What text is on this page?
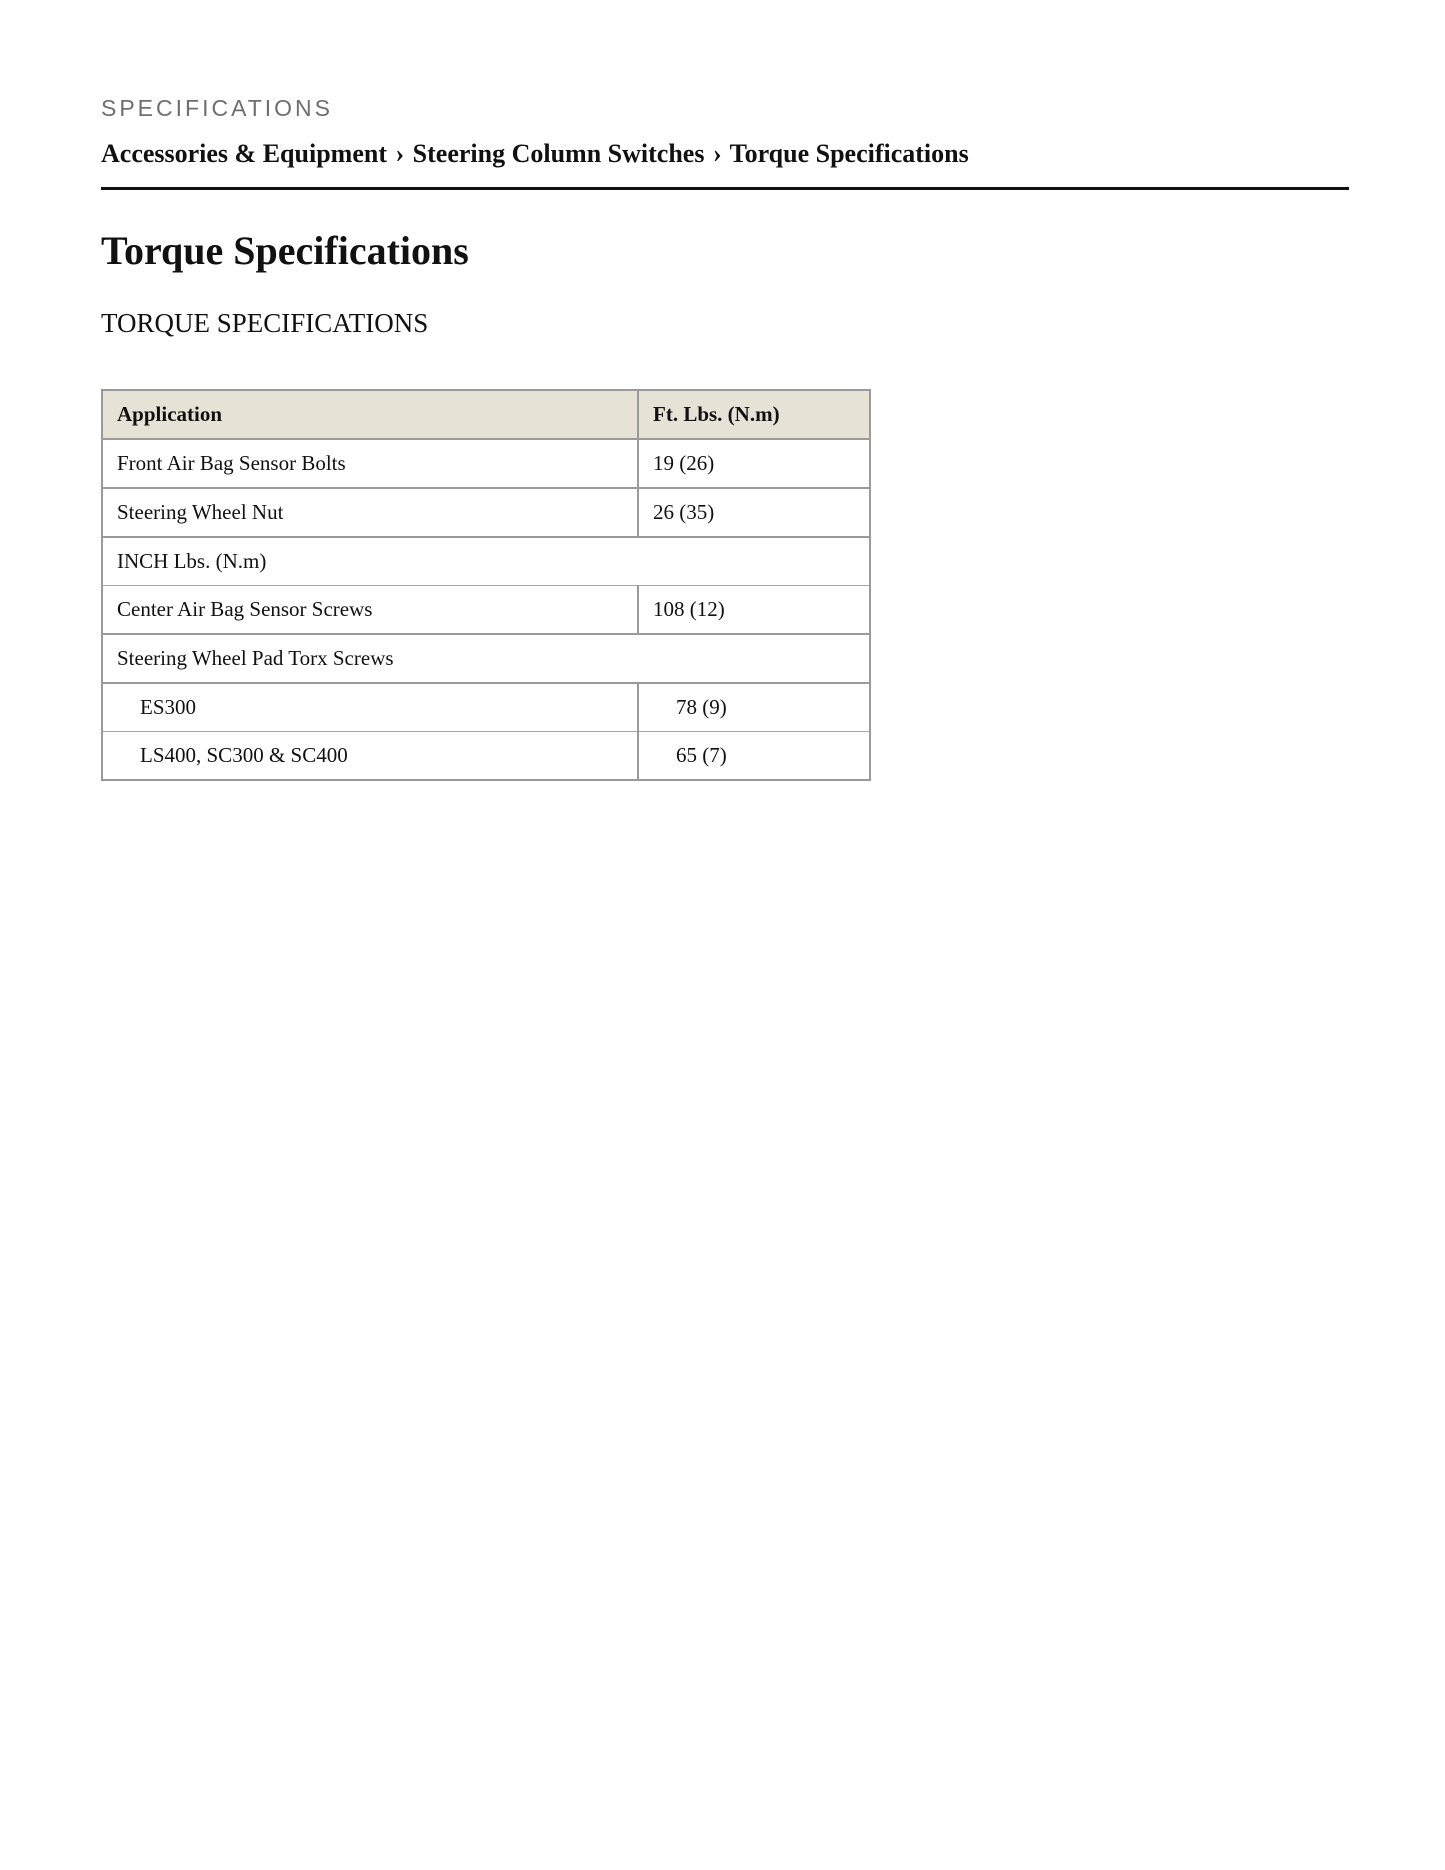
SPECIFICATIONS
Accessories & Equipment › Steering Column Switches › Torque Specifications
Torque Specifications
TORQUE SPECIFICATIONS
Application	Ft. Lbs. (N.m)
Front Air Bag Sensor Bolts	19 (26)
Steering Wheel Nut	26 (35)
INCH Lbs. (N.m)	
Center Air Bag Sensor Screws	108 (12)
Steering Wheel Pad Torx Screws	
ES300	78 (9)
LS400, SC300 & SC400	65 (7)
